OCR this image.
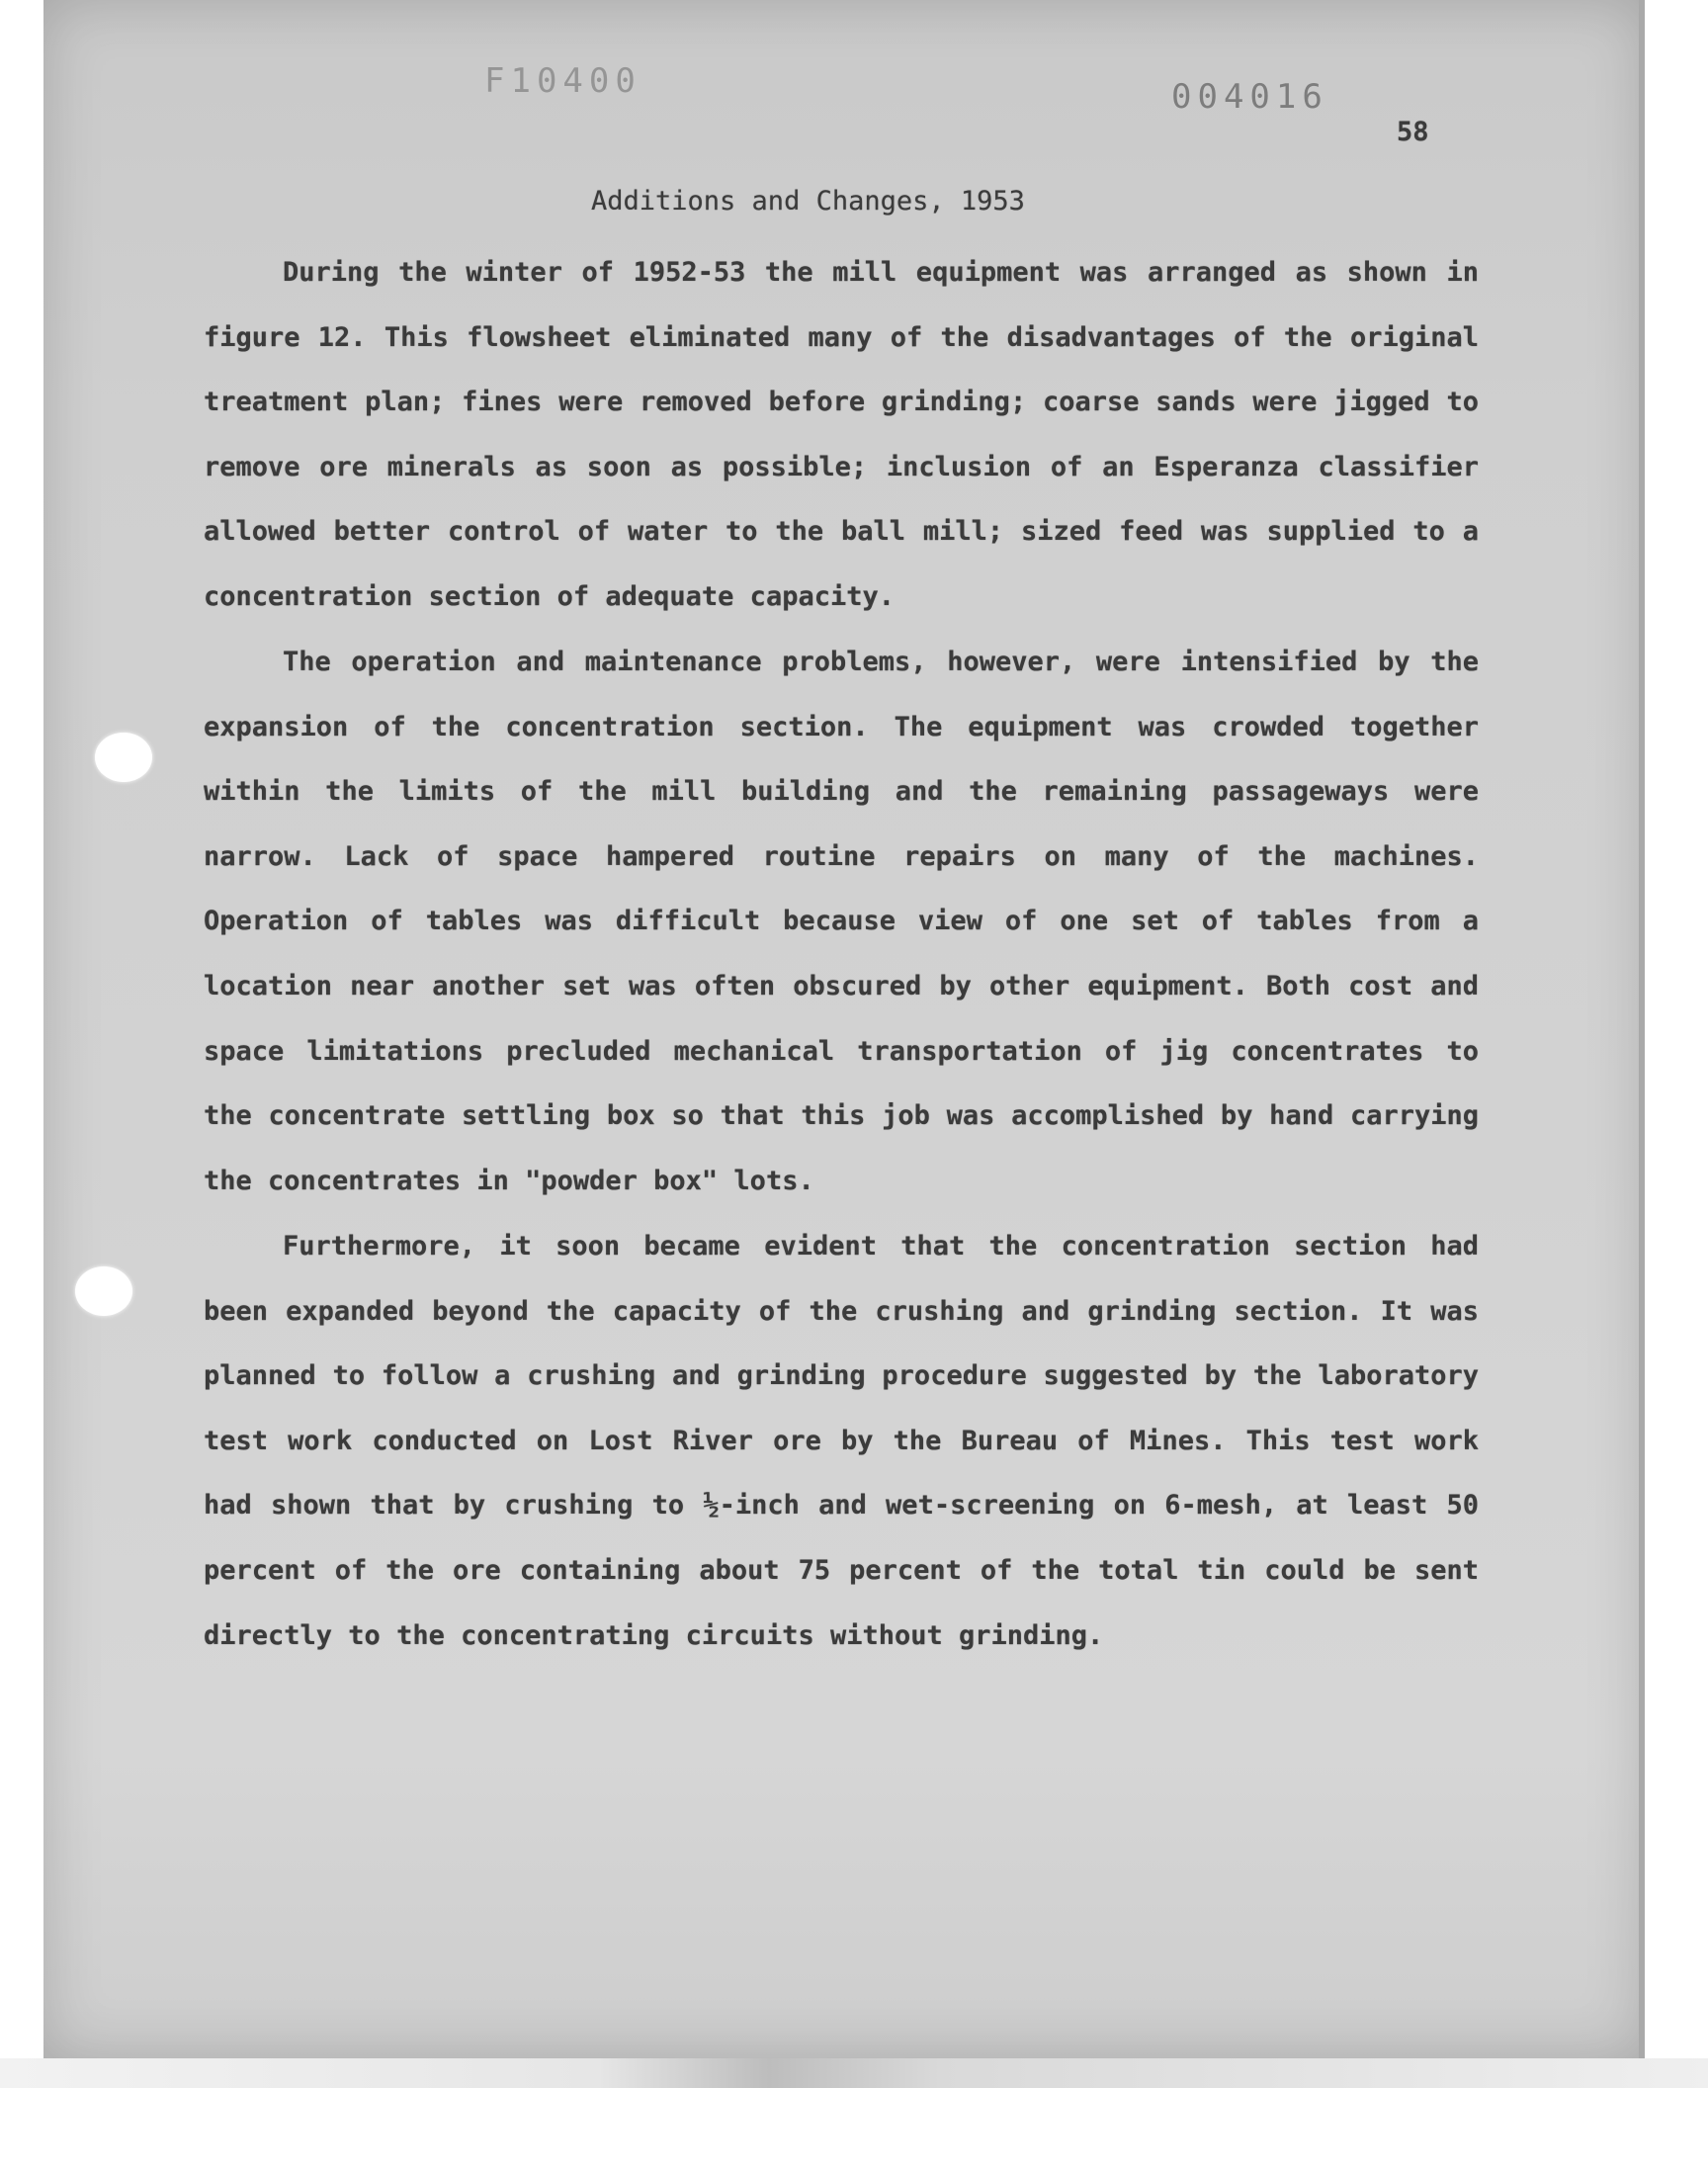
F10400	004016
58
Additions and Changes, 1953

During the winter of 1952-53 the mill equipment was arranged as shown in figure 12. This flowsheet eliminated many of the disadvantages of the original treatment plan; fines were removed before grinding; coarse sands were jigged to remove ore minerals as soon as possible; inclusion of an Esperanza classifier allowed better control of water to the ball mill; sized feed was supplied to a concentration section of adequate capacity.

The operation and maintenance problems, however, were intensified by the expansion of the concentration section. The equipment was crowded together within the limits of the mill building and the remaining passageways were narrow. Lack of space hampered routine repairs on many of the machines. Operation of tables was difficult because view of one set of tables from a location near another set was often obscured by other equipment. Both cost and space limitations precluded mechanical transportation of jig concentrates to the concentrate settling box so that this job was accomplished by hand carrying the concentrates in "powder box" lots.

Furthermore, it soon became evident that the concentration section had been expanded beyond the capacity of the crushing and grinding section. It was planned to follow a crushing and grinding procedure suggested by the laboratory test work conducted on Lost River ore by the Bureau of Mines. This test work had shown that by crushing to ½-inch and wet-screening on 6-mesh, at least 50 percent of the ore containing about 75 percent of the total tin could be sent directly to the concentrating circuits without grinding.
